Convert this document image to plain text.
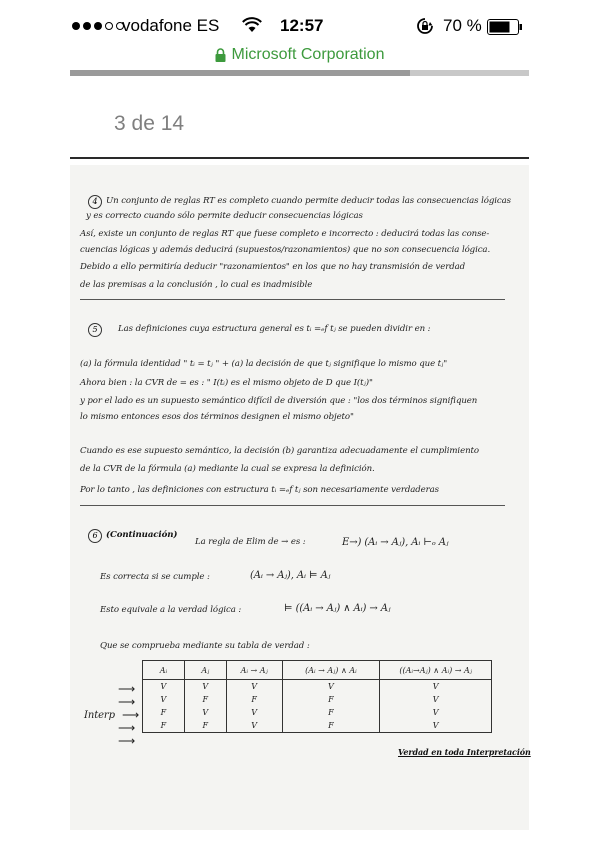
vodafone ES	12:57	70 %
Microsoft Corporation
3 de 14
4 Un conjunto de reglas RT es completo cuando permite deducir todas las consecuencias lógicas
y es correcto cuando sólo permite deducir consecuencias lógicas
Así, existe un conjunto de reglas RT que fuese completo e incorrecto : deducirá todas las conse-
cuencias lógicas y además deducirá (supuestos/razonamientos) que no son consecuencia lógica.
Debido a ello permitiría deducir "razonamientos" en los que no hay transmisión de verdad
de las premisas a la conclusión , lo cual es inadmisible
5	Las definiciones cuya estructura general es tᵢ =ₑf tⱼ se pueden dividir en :
(a) la fórmula identidad " tᵢ = tⱼ " + (a) la decisión de que tⱼ signifique lo mismo que tⱼ"
Ahora bien : la CVR de = es : " I(tᵢ) es el mismo objeto de D que I(tⱼ)"
y por el lado es un supuesto semántico difícil de diversión que : "los dos términos signifiquen
lo mismo entonces esos dos términos designen el mismo objeto"
Cuando es ese supuesto semántico, la decisión (b) garantiza adecuadamente el cumplimiento
de la CVR de la fórmula (a) mediante la cual se expresa la definición.
Por lo tanto , las definiciones con estructura tᵢ =ₑf tⱼ son necesariamente verdaderas
6 (Continuación)
La regla de Elim de → es :	E→) (Aᵢ → Aⱼ), Aᵢ ⊢ₒ Aⱼ
Es correcta si se cumple :	(Aᵢ → Aⱼ), Aᵢ ⊨ Aⱼ
Esto equivale a la verdad lógica :	⊨ ((Aᵢ → Aⱼ) ∧ Aᵢ) → Aⱼ
Que se comprueba mediante su tabla de verdad :
Aᵢ	Aⱼ	Aᵢ → Aⱼ	(Aᵢ → Aⱼ) ∧ Aᵢ	((Aᵢ→Aⱼ) ∧ Aᵢ) → Aⱼ
V	V	V	V	V
V	F	F	F	V
F	V	V	F	V
F	F	V	F	V
Interp
⟶
⟶
⟶
⟶
⟶
Verdad en toda Interpretación
